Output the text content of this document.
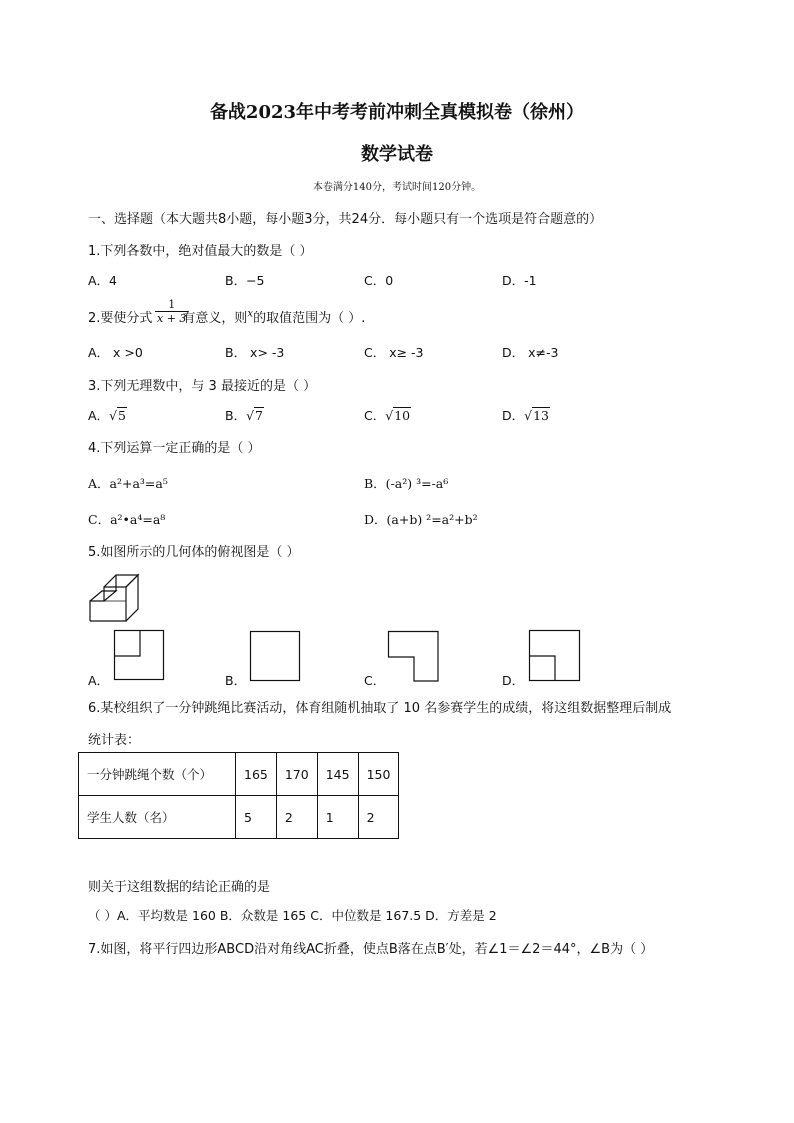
备战2023年中考考前冲刺全真模拟卷（徐州）
数学试卷
本卷满分140分，考试时间120分钟。
一、选择题（本大题共8小题，每小题3分，共24分．每小题只有一个选项是符合题意的）
1.下列各数中，绝对值最大的数是（ ）
A．4	B．−5	C．0	D．-1
2.要使分式 有意义，则$^x$的取值范围为（ ）.
$\frac{1}{x + 3}$
A． x >0	B． x> -3	C． x≥ -3	D． x≠-3
3.下列无理数中，与 3 最接近的是（ ）
A．√5	B．√7	C．√10	D．√13
4.下列运算一定正确的是（ ）
A．a²+a³=a⁵	B．(-a²) ³=-a⁶
C．a²•a⁴=a⁸	D．(a+b) ²=a²+b²
5.如图所示的几何体的俯视图是（ ）
A．	B．	C．	D．
6.某校组织了一分钟跳绳比赛活动，体育组随机抽取了 10 名参赛学生的成绩，将这组数据整理后制成
统计表：
一分钟跳绳个数（个）	165	170	145	150
学生人数（名）	5	2	1	2
则关于这组数据的结论正确的是
（ ）A．平均数是 160 B．众数是 165 C．中位数是 167.5 D．方差是 2
7.如图，将平行四边形ABCD沿对角线AC折叠，使点B落在点B′处，若∠1＝∠2＝44°，∠B为（ ）
